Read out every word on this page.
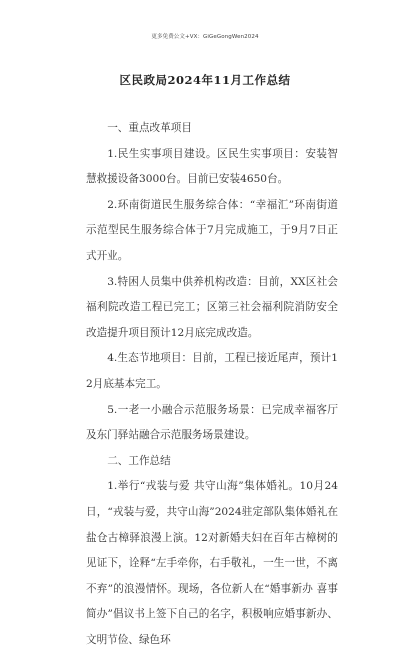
更多免费公文+VX：GiGeGongWen2024
区民政局2024年11月工作总结

一、重点改革项目

1.民生实事项目建设。区民生实事项目：安装智慧救援设备3000台。目前已安装4650台。

2.环南街道民生服务综合体：“幸福汇”环南街道示范型民生服务综合体于7月完成施工，于9月7日正式开业。

3.特困人员集中供养机构改造：目前，XX区社会福利院改造工程已完工；区第三社会福利院消防安全改造提升项目预计12月底完成改造。

4.生态节地项目：目前，工程已接近尾声，预计12月底基本完工。

5.一老一小融合示范服务场景：已完成幸福客厅及东门驿站融合示范服务场景建设。

二、工作总结

1.举行“戎装与爱 共守山海”集体婚礼。10月24日，“戎装与爱，共守山海”2024驻定部队集体婚礼在盐仓古樟驿浪漫上演。12对新婚夫妇在百年古樟树的见证下，诠释“左手牵你，右手敬礼，一生一世，不离不弃”的浪漫情怀。现场，各位新人在“婚事新办 喜事简办”倡议书上签下自己的名字，积极响应婚事新办、文明节俭、绿色环
